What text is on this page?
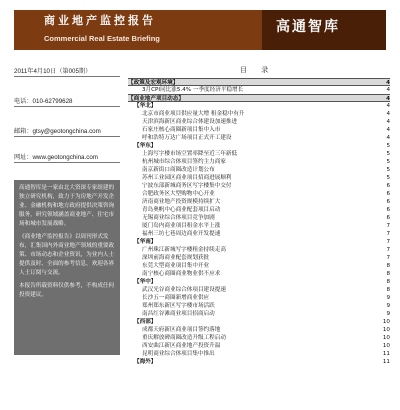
商业地产监控报告
Commercial Real Estate Briefing
高通智库
2011年4月10日（第005期）
电话：010-62799628
邮箱：gtsy@geotongchina.com
网址：www.geotongchina.com

高通智库是一家由北大资深专家组建的独立研究机构，致力于为房地产开发企业、金融机构和地方政府提供决策咨询服务，研究领域涵盖商业地产、住宅市场和城市发展战略。

《商业地产监控报告》以周刊形式发布，汇集国内外商业地产领域的重要政策、市场动态和企业资讯，为业内人士提供及时、全面的参考信息，欢迎各界人士订阅与交流。

本报告所载资料仅供参考，不构成任何投资建议。

目 录
【政策及宏观环境】	4
3月CPI同比涨5.4% 一季度经济平稳增长	4
【商业地产项目动态】	4
【华北】	4
北京市商业项目供应量大增 租金稳中有升	4
天津滨海新区商业综合体建设加速推进	4
石家庄核心商圈新项目集中入市	4
呼和浩特万达广场项目正式开工建设	4
【华东】	5
上海写字楼市场空置率降至近三年新低	5
杭州城市综合体项目签约主力商家	5
南京新街口商圈改造计划公布	5
苏州工业园区商业项目招商进展顺利	5
宁波东部新城商务区写字楼集中交付	6
合肥政务区大型购物中心开业	6
济南商业地产投资规模持续扩大	6
青岛奥帆中心商业配套项目启动	6
无锡商业综合体项目竞争加剧	6
厦门岛内商业项目租金水平上涨	7
福州三坊七巷周边商业开发提速	7
【华南】	7
广州珠江新城写字楼租金持续走高	7
深圳前海商业配套规划获批	7
东莞大型商业项目集中开业	8
南宁核心商圈商业物业供不应求	8
【华中】	8
武汉光谷商业综合体项目建设提速	8
长沙五一商圈新增商业供应	9
郑州郑东新区写字楼市场活跃	9
南昌红谷滩商业项目招商启动	9
【西部】	10
成都天府新区商业项目签约落地	10
重庆解放碑商圈改造升级工程启动	10
西安曲江新区商业地产投资升温	10
昆明商业综合体项目集中推出	11
【海外】	11
